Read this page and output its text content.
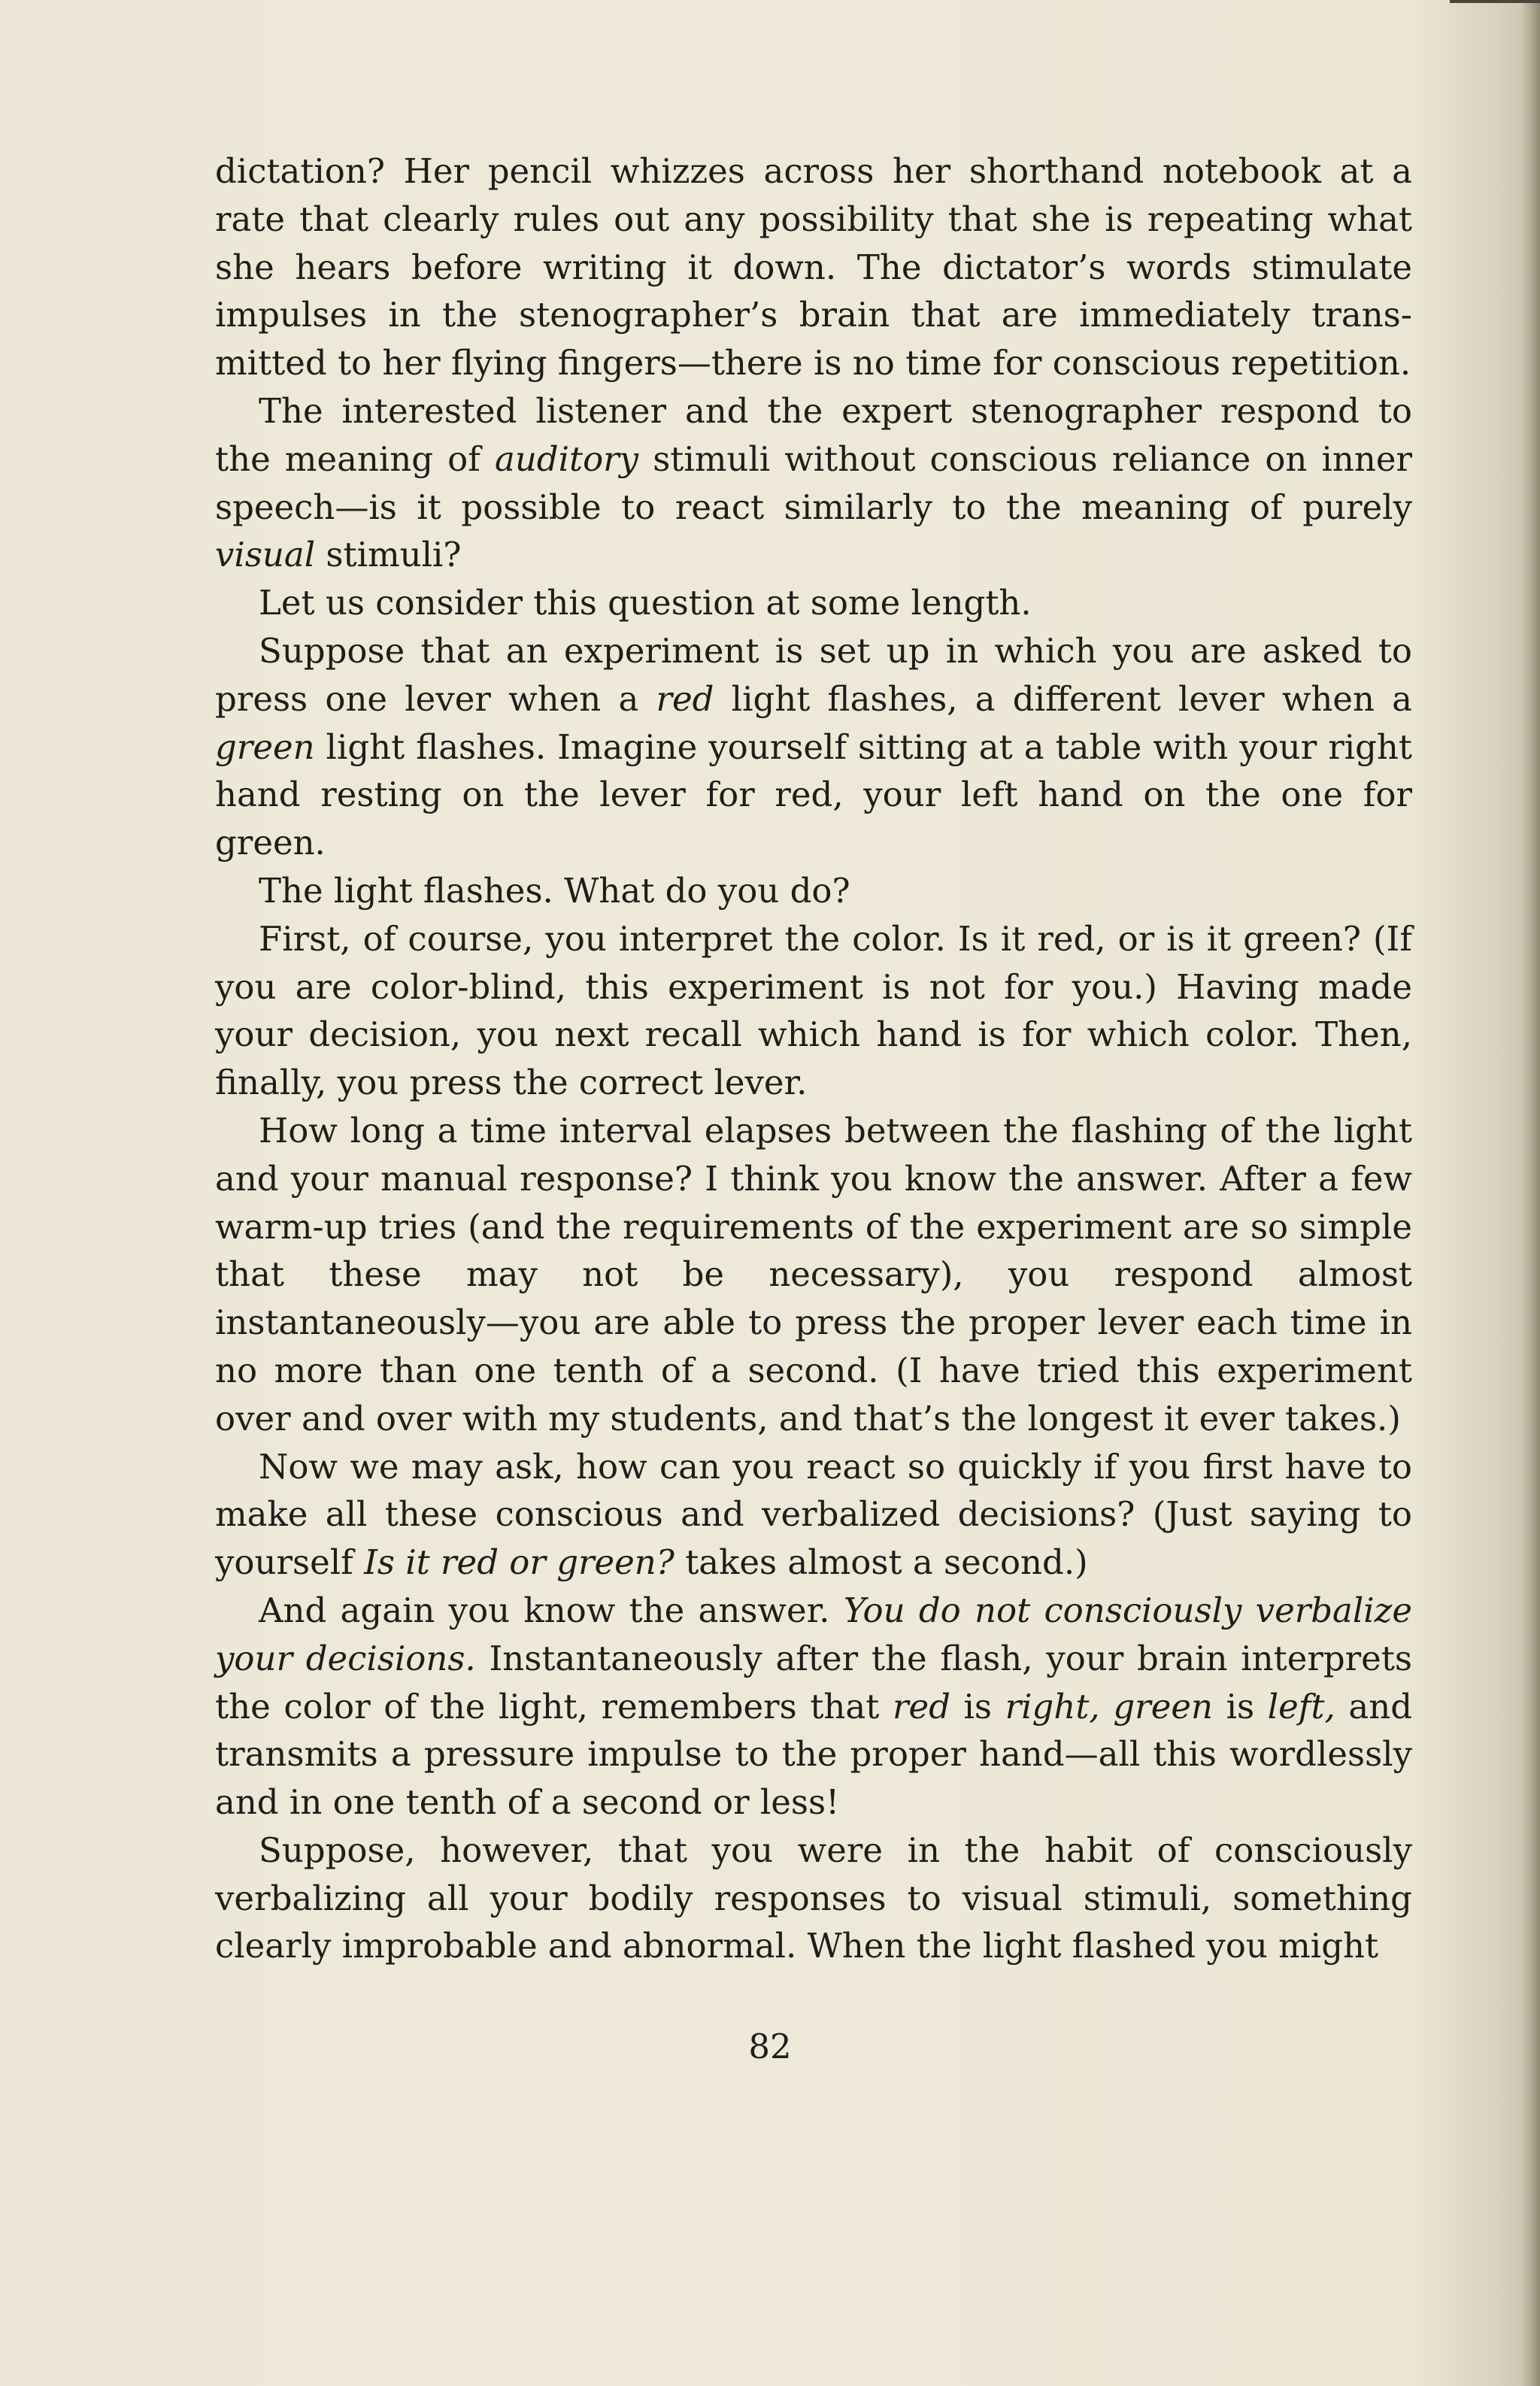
dictation? Her pencil whizzes across her shorthand notebook at a rate that clearly rules out any possibility that she is repeating what she hears before writing it down. The dictator’s words stimulate impulses in the stenographer’s brain that are immediately transmitted to her flying fingers—there is no time for conscious repetition.

The interested listener and the expert stenographer respond to the meaning of auditory stimuli without conscious reliance on inner speech—is it possible to react similarly to the meaning of purely visual stimuli?

Let us consider this question at some length.

Suppose that an experiment is set up in which you are asked to press one lever when a red light flashes, a different lever when a green light flashes. Imagine yourself sitting at a table with your right hand resting on the lever for red, your left hand on the one for green.

The light flashes. What do you do?

First, of course, you interpret the color. Is it red, or is it green? (If you are color-blind, this experiment is not for you.) Having made your decision, you next recall which hand is for which color. Then, finally, you press the correct lever.

How long a time interval elapses between the flashing of the light and your manual response? I think you know the answer. After a few warm-up tries (and the requirements of the experiment are so simple that these may not be necessary), you respond almost instantaneously—you are able to press the proper lever each time in no more than one tenth of a second. (I have tried this experiment over and over with my students, and that’s the longest it ever takes.)

Now we may ask, how can you react so quickly if you first have to make all these conscious and verbalized decisions? (Just saying to yourself Is it red or green? takes almost a second.)

And again you know the answer. You do not consciously verbalize your decisions. Instantaneously after the flash, your brain interprets the color of the light, remembers that red is right, green is left, and transmits a pressure impulse to the proper hand—all this wordlessly and in one tenth of a second or less!

Suppose, however, that you were in the habit of consciously verbalizing all your bodily responses to visual stimuli, something clearly improbable and abnormal. When the light flashed you might

82
